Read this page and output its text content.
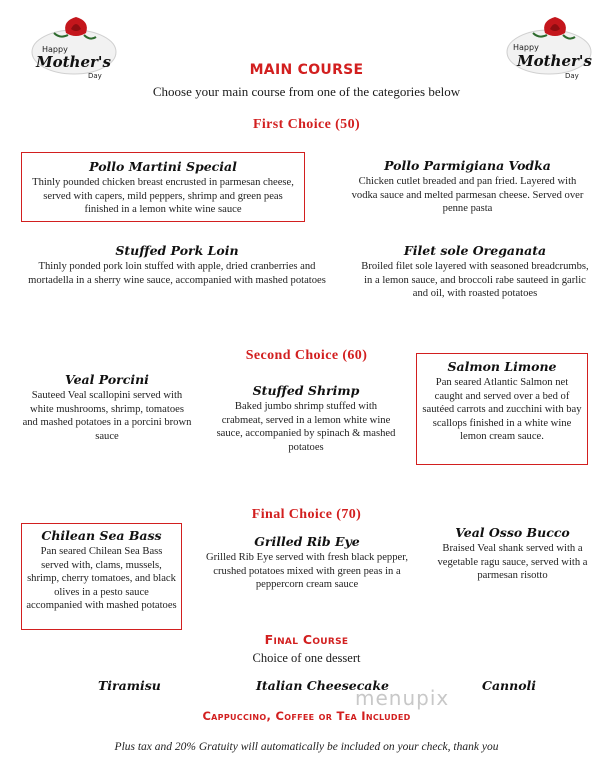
Happy
Mother's
Day
Happy
Mother's
Day
MAIN COURSE
Choose your main course from one of the categories below
First Choice (50)
Pollo Martini Special
Thinly pounded chicken breast encrusted in parmesan cheese, served with capers, mild peppers, shrimp and green peas finished in a lemon white wine sauce
Pollo Parmigiana Vodka
Chicken cutlet breaded and pan fried. Layered with vodka sauce and melted parmesan cheese. Served over penne pasta
Stuffed Pork Loin
Thinly ponded pork loin stuffed with apple, dried cranberries and mortadella in a sherry wine sauce, accompanied with mashed potatoes
Filet sole Oreganata
Broiled filet sole layered with seasoned breadcrumbs, in a lemon sauce, and broccoli rabe sauteed in garlic and oil, with roasted potatoes
Second Choice (60)
Veal Porcini
Sauteed Veal scallopini served with white mushrooms, shrimp, tomatoes and mashed potatoes in a porcini brown sauce
Stuffed Shrimp
Baked jumbo shrimp stuffed with crabmeat, served in a lemon white wine sauce, accompanied by spinach & mashed potatoes
Salmon Limone
Pan seared Atlantic Salmon net caught and served over a bed of sautéed carrots and zucchini with bay scallops finished in a white wine lemon cream sauce.
Final Choice (70)
Chilean Sea Bass
Pan seared Chilean Sea Bass served with, clams, mussels, shrimp, cherry tomatoes, and black olives in a pesto sauce accompanied with mashed potatoes
Grilled Rib Eye
Grilled Rib Eye served with fresh black pepper, crushed potatoes mixed with green peas in a peppercorn cream sauce
Veal Osso Bucco
Braised Veal shank served with a vegetable ragu sauce, served with a parmesan risotto
Final Course
Choice of one dessert
Tiramisu	Italian Cheesecake	Cannoli
menupix
Cappuccino, Coffee or Tea Included
Plus tax and 20% Gratuity will automatically be included on your check, thank you
